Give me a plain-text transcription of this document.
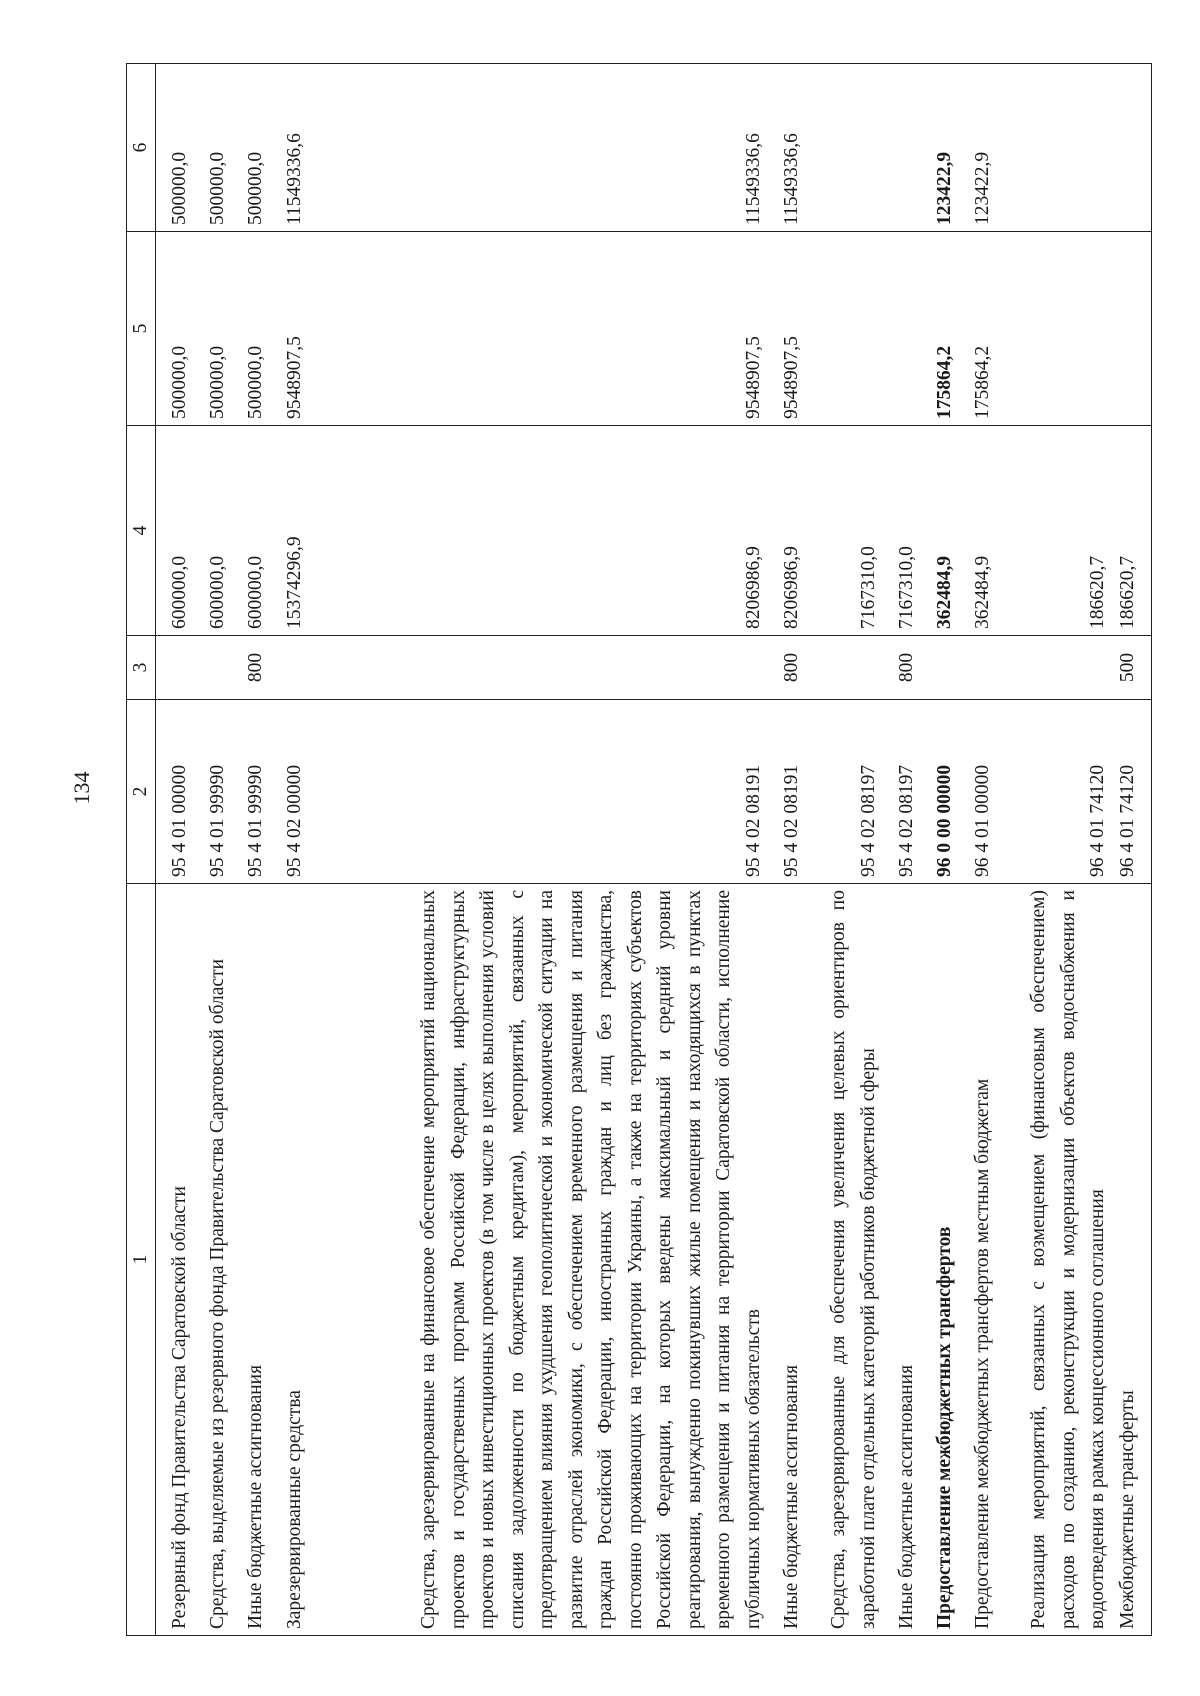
134
1	2	3	4	5	6
Резервный фонд Правительства Саратовской области	95 4 01 00000		600000,0	500000,0	500000,0
Средства, выделяемые из резервного фонда Правительства Саратовской области	95 4 01 99990		600000,0	500000,0	500000,0
Иные бюджетные ассигнования	95 4 01 99990	800	600000,0	500000,0	500000,0
Зарезервированные средства	95 4 02 00000		15374296,9	9548907,5	11549336,6
Средства, зарезервированные на финансовое обеспечение мероприятий национальных проектов и государственных программ Российской Федерации, инфраструктурных проектов и новых инвестиционных проектов (в том числе в целях выполнения условий списания задолженности по бюджетным кредитам), мероприятий, связанных с предотвращением влияния ухудшения геополитической и экономической ситуации на развитие отраслей экономики, с обеспечением временного размещения и питания граждан Российской Федерации, иностранных граждан и лиц без гражданства, постоянно проживающих на территории Украины, а также на территориях субъектов Российской Федерации, на которых введены максимальный и средний уровни реагирования, вынужденно покинувших жилые помещения и находящихся в пунктах временного размещения и питания на территории Саратовской области, исполнение публичных нормативных обязательств	95 4 02 08191		8206986,9	9548907,5	11549336,6
Иные бюджетные ассигнования	95 4 02 08191	800	8206986,9	9548907,5	11549336,6
Средства, зарезервированные для обеспечения увеличения целевых ориентиров по заработной плате отдельных категорий работников бюджетной сферы	95 4 02 08197		7167310,0		
Иные бюджетные ассигнования	95 4 02 08197	800	7167310,0		
Предоставление межбюджетных трансфертов	96 0 00 00000		362484,9	175864,2	123422,9
Предоставление межбюджетных трансфертов местным бюджетам	96 4 01 00000		362484,9	175864,2	123422,9
Реализация мероприятий, связанных с возмещением (финансовым обеспечением) расходов по созданию, реконструкции и модернизации объектов водоснабжения и водоотведения в рамках концессионного соглашения	96 4 01 74120		186620,7		
Межбюджетные трансферты	96 4 01 74120	500	186620,7		
